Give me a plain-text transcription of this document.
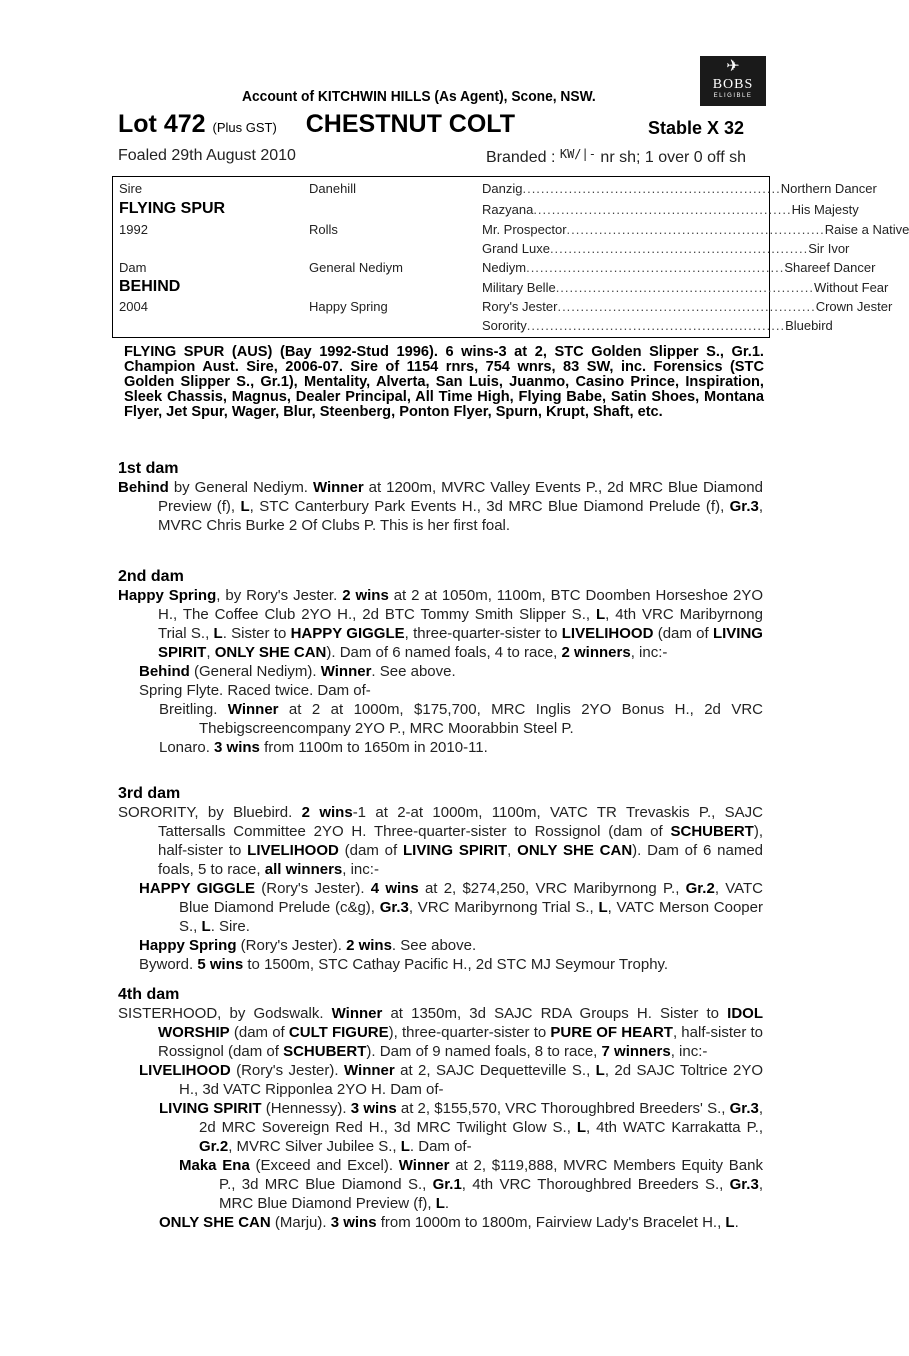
Account of KITCHWIN HILLS (As Agent), Scone, NSW.
✈
BOBS
ELIGIBLE
Lot 472 (Plus GST) CHESTNUT COLT	Stable X 32
Foaled 29th August 2010	Branded : $^{KW/|-}$ nr sh; 1 over 0 off sh
Sire
FLYING SPUR
1992
Dam
BEHIND
2004
Danehill
Rolls
General Nediym
Happy Spring
Danzig ........................................................ Northern Dancer
Razyana ........................................................ His Majesty
Mr. Prospector ........................................................ Raise a Native
Grand Luxe ........................................................ Sir Ivor
Nediym ........................................................ Shareef Dancer
Military Belle ........................................................ Without Fear
Rory's Jester ........................................................ Crown Jester
Sorority ........................................................ Bluebird
FLYING SPUR (AUS) (Bay 1992-Stud 1996). 6 wins-3 at 2, STC Golden Slipper S., Gr.1. Champion Aust. Sire, 2006-07. Sire of 1154 rnrs, 754 wnrs, 83 SW, inc. Forensics (STC Golden Slipper S., Gr.1), Mentality, Alverta, San Luis, Juanmo, Casino Prince, Inspiration, Sleek Chassis, Magnus, Dealer Principal, All Time High, Flying Babe, Satin Shoes, Montana Flyer, Jet Spur, Wager, Blur, Steenberg, Ponton Flyer, Spurn, Krupt, Shaft, etc.
1st dam

Behind by General Nediym. Winner at 1200m, MVRC Valley Events P., 2d MRC Blue Diamond Preview (f), L, STC Canterbury Park Events H., 3d MRC Blue Diamond Prelude (f), Gr.3, MVRC Chris Burke 2 Of Clubs P. This is her first foal.

2nd dam

Happy Spring, by Rory's Jester. 2 wins at 2 at 1050m, 1100m, BTC Doomben Horseshoe 2YO H., The Coffee Club 2YO H., 2d BTC Tommy Smith Slipper S., L, 4th VRC Maribyrnong Trial S., L. Sister to HAPPY GIGGLE, three-quarter-sister to LIVELIHOOD (dam of LIVING SPIRIT, ONLY SHE CAN). Dam of 6 named foals, 4 to race, 2 winners, inc:-

Behind (General Nediym). Winner. See above.

Spring Flyte. Raced twice. Dam of-

Breitling. Winner at 2 at 1000m, $175,700, MRC Inglis 2YO Bonus H., 2d VRC Thebigscreencompany 2YO P., MRC Moorabbin Steel P.

Lonaro. 3 wins from 1100m to 1650m in 2010-11.

3rd dam

SORORITY, by Bluebird. 2 wins-1 at 2-at 1000m, 1100m, VATC TR Trevaskis P., SAJC Tattersalls Committee 2YO H. Three-quarter-sister to Rossignol (dam of SCHUBERT), half-sister to LIVELIHOOD (dam of LIVING SPIRIT, ONLY SHE CAN). Dam of 6 named foals, 5 to race, all winners, inc:-

HAPPY GIGGLE (Rory's Jester). 4 wins at 2, $274,250, VRC Maribyrnong P., Gr.2, VATC Blue Diamond Prelude (c&g), Gr.3, VRC Maribyrnong Trial S., L, VATC Merson Cooper S., L. Sire.

Happy Spring (Rory's Jester). 2 wins. See above.

Byword. 5 wins to 1500m, STC Cathay Pacific H., 2d STC MJ Seymour Trophy.

4th dam

SISTERHOOD, by Godswalk. Winner at 1350m, 3d SAJC RDA Groups H. Sister to IDOL WORSHIP (dam of CULT FIGURE), three-quarter-sister to PURE OF HEART, half-sister to Rossignol (dam of SCHUBERT). Dam of 9 named foals, 8 to race, 7 winners, inc:-

LIVELIHOOD (Rory's Jester). Winner at 2, SAJC Dequetteville S., L, 2d SAJC Toltrice 2YO H., 3d VATC Ripponlea 2YO H. Dam of-

LIVING SPIRIT (Hennessy). 3 wins at 2, $155,570, VRC Thoroughbred Breeders' S., Gr.3, 2d MRC Sovereign Red H., 3d MRC Twilight Glow S., L, 4th WATC Karrakatta P., Gr.2, MVRC Silver Jubilee S., L. Dam of-

Maka Ena (Exceed and Excel). Winner at 2, $119,888, MVRC Members Equity Bank P., 3d MRC Blue Diamond S., Gr.1, 4th VRC Thoroughbred Breeders S., Gr.3, MRC Blue Diamond Preview (f), L.

ONLY SHE CAN (Marju). 3 wins from 1000m to 1800m, Fairview Lady's Bracelet H., L.
